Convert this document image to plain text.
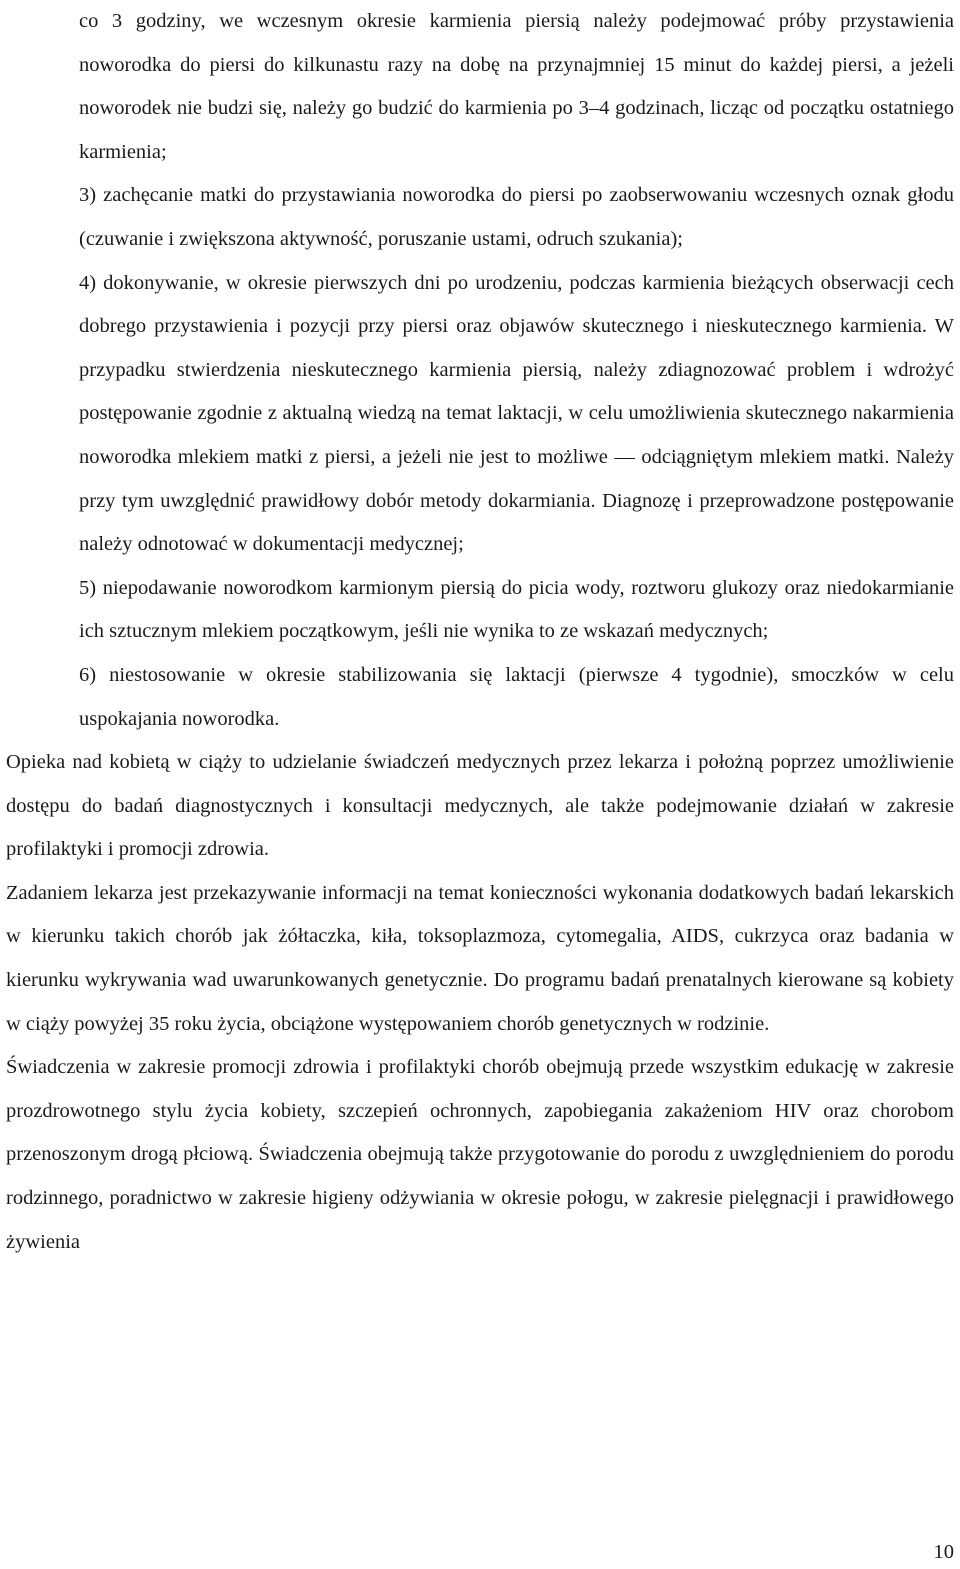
co 3 godziny, we wczesnym okresie karmienia piersią należy podejmować próby przystawienia noworodka do piersi do kilkunastu razy na dobę na przynajmniej 15 minut do każdej piersi, a jeżeli noworodek nie budzi się, należy go budzić do karmienia po 3–4 godzinach, licząc od początku ostatniego karmienia;

3) zachęcanie matki do przystawiania noworodka do piersi po zaobserwowaniu wczesnych oznak głodu (czuwanie i zwiększona aktywność, poruszanie ustami, odruch szukania);

4) dokonywanie, w okresie pierwszych dni po urodzeniu, podczas karmienia bieżących obserwacji cech dobrego przystawienia i pozycji przy piersi oraz objawów skutecznego i nieskutecznego karmienia. W przypadku stwierdzenia nieskutecznego karmienia piersią, należy zdiagnozować problem i wdrożyć postępowanie zgodnie z aktualną wiedzą na temat laktacji, w celu umożliwienia skutecznego nakarmienia noworodka mlekiem matki z piersi, a jeżeli nie jest to możliwe — odciągniętym mlekiem matki. Należy przy tym uwzględnić prawidłowy dobór metody dokarmiania. Diagnozę i przeprowadzone postępowanie należy odnotować w dokumentacji medycznej;

5) niepodawanie noworodkom karmionym piersią do picia wody, roztworu glukozy oraz niedokarmianie ich sztucznym mlekiem początkowym, jeśli nie wynika to ze wskazań medycznych;

6) niestosowanie w okresie stabilizowania się laktacji (pierwsze 4 tygodnie), smoczków w celu uspokajania noworodka.

Opieka nad kobietą w ciąży to udzielanie świadczeń medycznych przez lekarza i położną poprzez umożliwienie dostępu do badań diagnostycznych i konsultacji medycznych, ale także podejmowanie działań w zakresie profilaktyki i promocji zdrowia.

Zadaniem lekarza jest przekazywanie informacji na temat konieczności wykonania dodatkowych badań lekarskich w kierunku takich chorób jak żółtaczka, kiła, toksoplazmoza, cytomegalia, AIDS, cukrzyca oraz badania w kierunku wykrywania wad uwarunkowanych genetycznie. Do programu badań prenatalnych kierowane są kobiety w ciąży powyżej 35 roku życia, obciążone występowaniem chorób genetycznych w rodzinie.

Świadczenia w zakresie promocji zdrowia i profilaktyki chorób obejmują przede wszystkim edukację w zakresie prozdrowotnego stylu życia kobiety, szczepień ochronnych, zapobiegania zakażeniom HIV oraz chorobom przenoszonym drogą płciową. Świadczenia obejmują także przygotowanie do porodu z uwzględnieniem do porodu rodzinnego, poradnictwo w zakresie higieny odżywiania w okresie połogu, w zakresie pielęgnacji i prawidłowego żywienia

10
